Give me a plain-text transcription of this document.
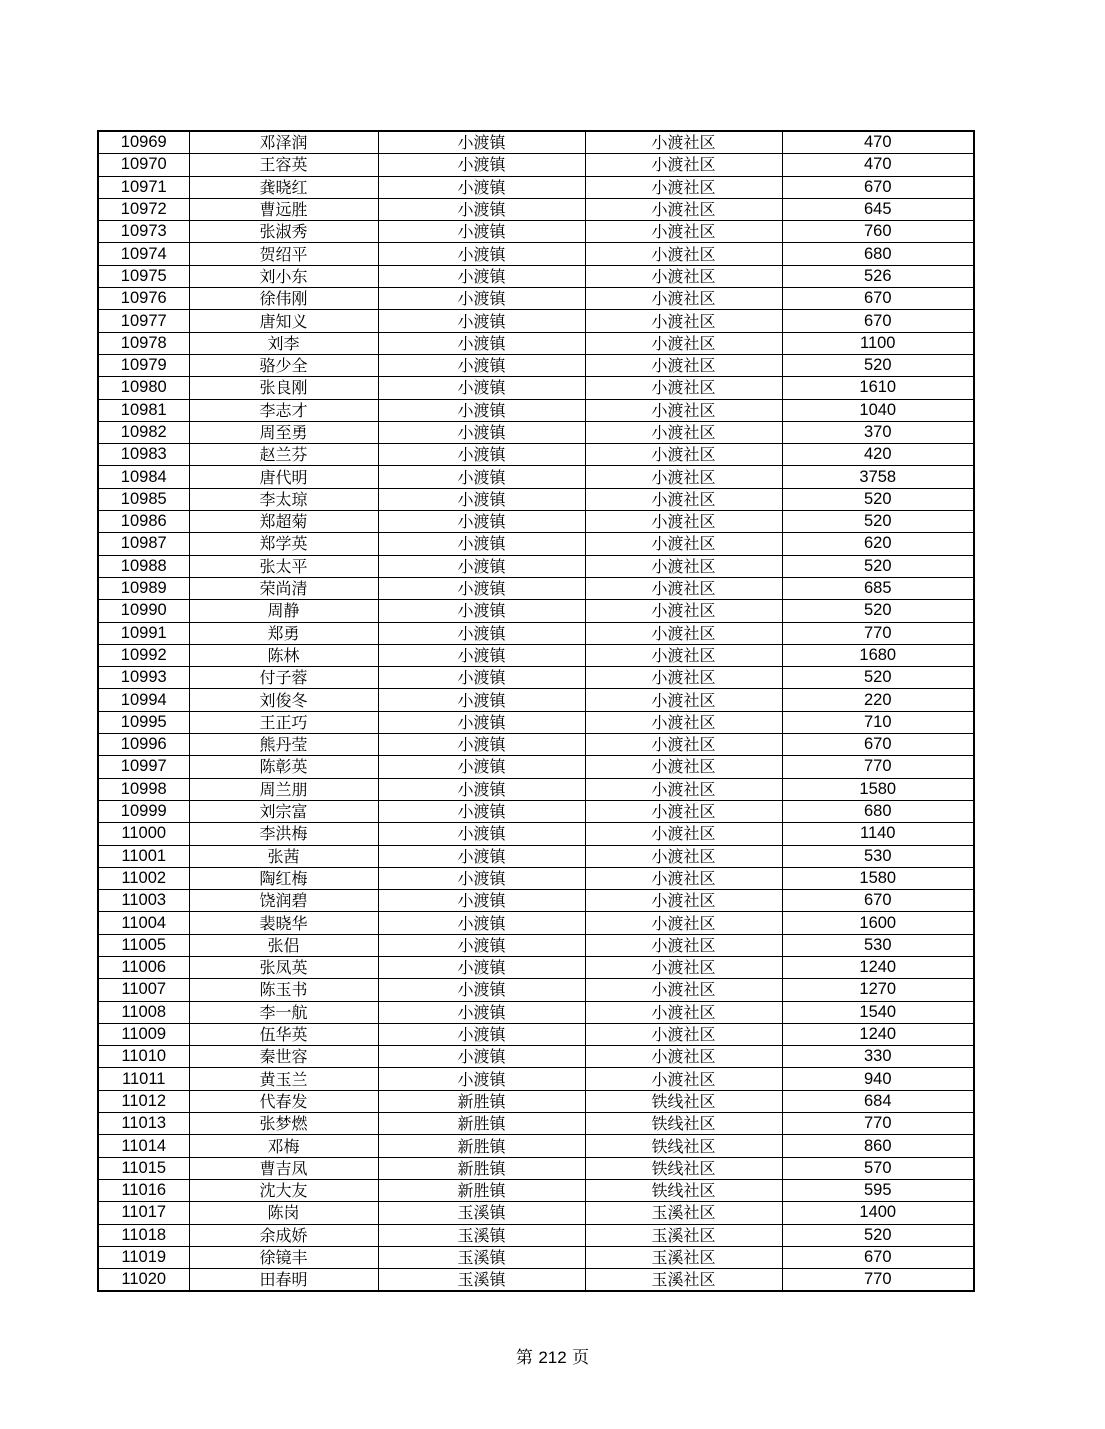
10969	邓泽润	小渡镇	小渡社区	470
10970	王容英	小渡镇	小渡社区	470
10971	龚晓红	小渡镇	小渡社区	670
10972	曹远胜	小渡镇	小渡社区	645
10973	张淑秀	小渡镇	小渡社区	760
10974	贺绍平	小渡镇	小渡社区	680
10975	刘小东	小渡镇	小渡社区	526
10976	徐伟刚	小渡镇	小渡社区	670
10977	唐知义	小渡镇	小渡社区	670
10978	刘李	小渡镇	小渡社区	1100
10979	骆少全	小渡镇	小渡社区	520
10980	张良刚	小渡镇	小渡社区	1610
10981	李志才	小渡镇	小渡社区	1040
10982	周至勇	小渡镇	小渡社区	370
10983	赵兰芬	小渡镇	小渡社区	420
10984	唐代明	小渡镇	小渡社区	3758
10985	李太琼	小渡镇	小渡社区	520
10986	郑超菊	小渡镇	小渡社区	520
10987	郑学英	小渡镇	小渡社区	620
10988	张太平	小渡镇	小渡社区	520
10989	荣尚清	小渡镇	小渡社区	685
10990	周静	小渡镇	小渡社区	520
10991	郑勇	小渡镇	小渡社区	770
10992	陈林	小渡镇	小渡社区	1680
10993	付子蓉	小渡镇	小渡社区	520
10994	刘俊冬	小渡镇	小渡社区	220
10995	王正巧	小渡镇	小渡社区	710
10996	熊丹莹	小渡镇	小渡社区	670
10997	陈彰英	小渡镇	小渡社区	770
10998	周兰朋	小渡镇	小渡社区	1580
10999	刘宗富	小渡镇	小渡社区	680
11000	李洪梅	小渡镇	小渡社区	1140
11001	张茜	小渡镇	小渡社区	530
11002	陶红梅	小渡镇	小渡社区	1580
11003	饶润碧	小渡镇	小渡社区	670
11004	裴晓华	小渡镇	小渡社区	1600
11005	张侣	小渡镇	小渡社区	530
11006	张凤英	小渡镇	小渡社区	1240
11007	陈玉书	小渡镇	小渡社区	1270
11008	李一航	小渡镇	小渡社区	1540
11009	伍华英	小渡镇	小渡社区	1240
11010	秦世容	小渡镇	小渡社区	330
11011	黄玉兰	小渡镇	小渡社区	940
11012	代春发	新胜镇	铁线社区	684
11013	张梦燃	新胜镇	铁线社区	770
11014	邓梅	新胜镇	铁线社区	860
11015	曹吉凤	新胜镇	铁线社区	570
11016	沈大友	新胜镇	铁线社区	595
11017	陈岗	玉溪镇	玉溪社区	1400
11018	余成娇	玉溪镇	玉溪社区	520
11019	徐镜丰	玉溪镇	玉溪社区	670
11020	田春明	玉溪镇	玉溪社区	770
第 212 页
